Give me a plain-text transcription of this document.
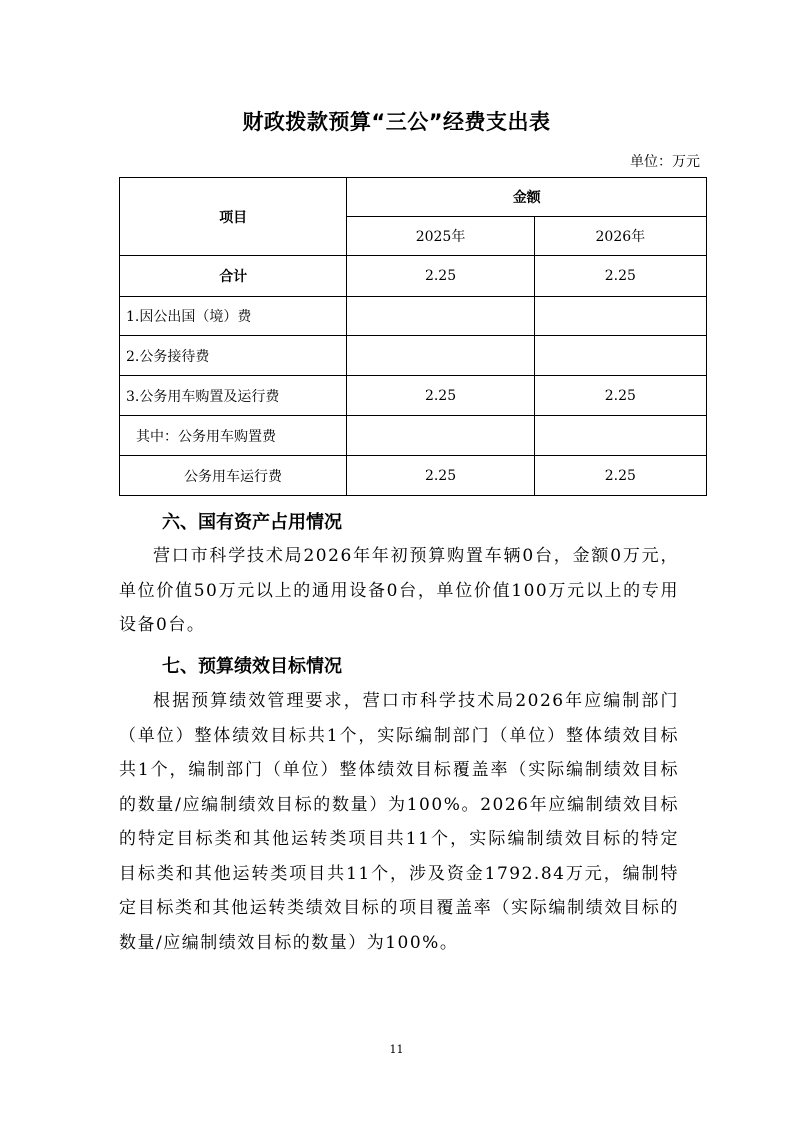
财政拨款预算“三公”经费支出表
单位：万元
项目	金额	
	2025年	2026年
合计	2.25	2.25
1.因公出国（境）费		
2.公务接待费		
3.公务用车购置及运行费	2.25	2.25
其中：公务用车购置费		
公务用车运行费	2.25	2.25
六、国有资产占用情况
营口市科学技术局2026年年初预算购置车辆0台，金额0万元，单位价值50万元以上的通用设备0台，单位价值100万元以上的专用设备0台。
七、预算绩效目标情况
根据预算绩效管理要求，营口市科学技术局2026年应编制部门（单位）整体绩效目标共1个，实际编制部门（单位）整体绩效目标共1个，编制部门（单位）整体绩效目标覆盖率（实际编制绩效目标的数量/应编制绩效目标的数量）为100%。2026年应编制绩效目标的特定目标类和其他运转类项目共11个，实际编制绩效目标的特定目标类和其他运转类项目共11个，涉及资金1792.84万元，编制特定目标类和其他运转类绩效目标的项目覆盖率（实际编制绩效目标的数量/应编制绩效目标的数量）为100%。
11
